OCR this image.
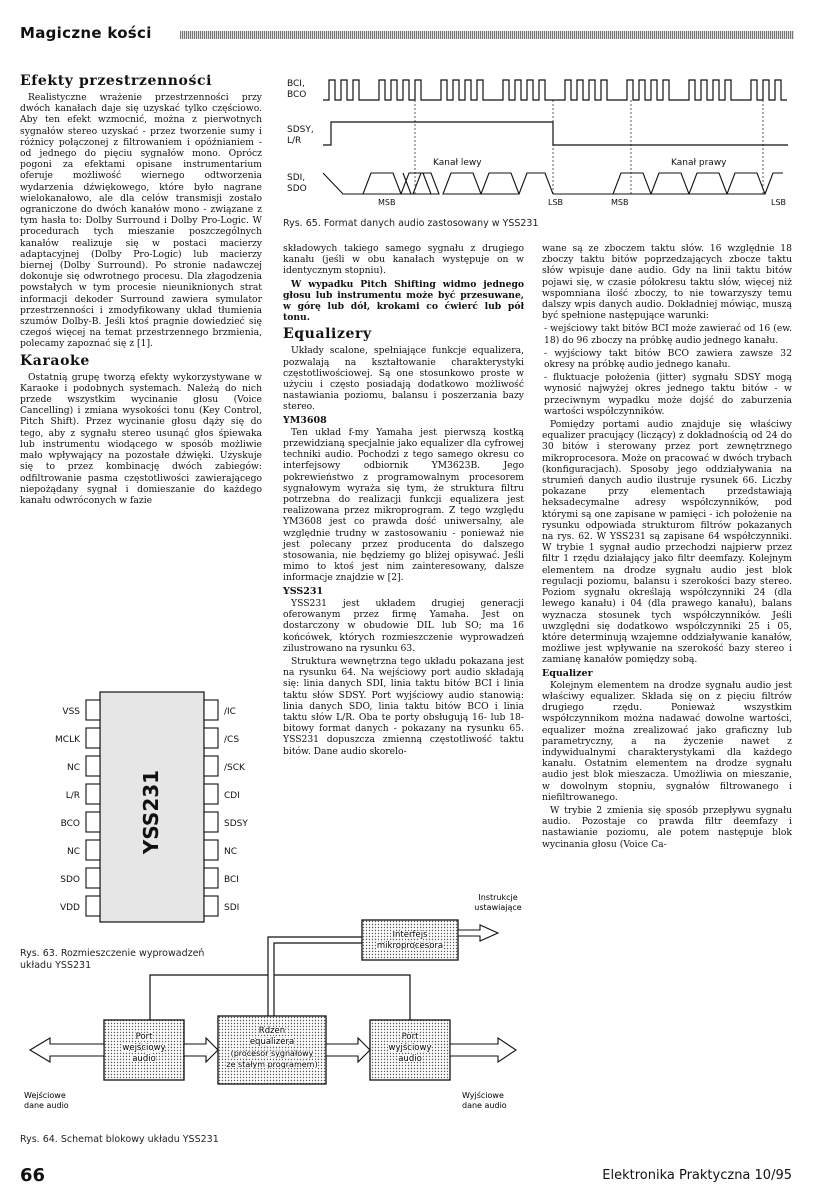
Magiczne kości
BCI,
BCO
SDSY,
L/R
SDI,
SDO
Kanał lewy	Kanał prawy
MSB	LSB	MSB	LSB
Rys. 65. Format danych audio zastosowany w YSS231
Efekty przestrzenności

Realistyczne wrażenie przestrzenności przy dwóch kanałach daje się uzyskać tylko częściowo. Aby ten efekt wzmocnić, można z pierwotnych sygnałów stereo uzyskać - przez tworzenie sumy i różnicy połączonej z filtrowaniem i opóźnianiem - od jednego do pięciu sygnałów mono. Oprócz pogoni za efektami opisane instrumentarium oferuje możliwość wiernego odtworzenia wydarzenia dźwiękowego, które było nagrane wielokanałowo, ale dla celów transmisji zostało ograniczone do dwóch kanałów mono - związane z tym hasła to: Dolby Surround i Dolby Pro-Logic. W procedurach tych mieszanie poszczególnych kanałów realizuje się w postaci macierzy adaptacyjnej (Dolby Pro-Logic) lub macierzy biernej (Dolby Surround). Po stronie nadawczej dokonuje się odwrotnego procesu. Dla złagodzenia powstałych w tym procesie nieuniknionych strat informacji dekoder Surround zawiera symulator przestrzenności i zmodyfikowany układ tłumienia szumów Dolby-B. Jeśli ktoś pragnie dowiedzieć się czegoś więcej na temat przestrzennego brzmienia, polecamy zapoznać się z [1].

Karaoke

Ostatnią grupę tworzą efekty wykorzystywane w Karaoke i podobnych systemach. Należą do nich przede wszystkim wycinanie głosu (Voice Cancelling) i zmiana wysokości tonu (Key Control, Pitch Shift). Przez wycinanie głosu dąży się do tego, aby z sygnału stereo usunąć głos śpiewaka lub instrumentu wiodącego w sposób możliwie mało wpływający na pozostałe dźwięki. Uzyskuje się to przez kombinację dwóch zabiegów: odfiltrowanie pasma częstotliwości zawierającego niepożądany sygnał i domieszanie do każdego kanału odwróconych w fazie

YSS231
VSS
MCLK
NC
L/R
BCO
NC
SDO
VDD
/IC
/CS
/SCK
CDI
SDSY
NC
BCI
SDI
Rys. 63. Rozmieszczenie wyprowadzeń
układu YSS231

składowych takiego samego sygnału z drugiego kanału (jeśli w obu kanałach występuje on w identycznym stopniu).

W wypadku Pitch Shifting widmo jednego głosu lub instrumentu może być przesuwane, w górę lub dół, krokami co ćwierć lub pół tonu.

Equalizery

Układy scalone, spełniające funkcje equalizera, pozwalają na kształtowanie charakterystyki częstotliwościowej. Są one stosunkowo proste w użyciu i często posiadają dodatkowo możliwość nastawiania poziomu, balansu i poszerzania bazy stereo.

YM3608

Ten układ f-my Yamaha jest pierwszą kostką przewidzianą specjalnie jako equalizer dla cyfrowej techniki audio. Pochodzi z tego samego okresu co interfejsowy odbiornik YM3623B. Jego pokrewieństwo z programowalnym procesorem sygnałowym wyraża się tym, że struktura filtru potrzebna do realizacji funkcji equalizera jest realizowana przez mikroprogram. Z tego względu YM3608 jest co prawda dość uniwersalny, ale względnie trudny w zastosowaniu - ponieważ nie jest polecany przez producenta do dalszego stosowania, nie będziemy go bliżej opisywać. Jeśli mimo to ktoś jest nim zainteresowany, dalsze informacje znajdzie w [2].

YSS231

YSS231 jest układem drugiej generacji oferowanym przez firmę Yamaha. Jest on dostarczony w obudowie DIL lub SO; ma 16 końcówek, których rozmieszczenie wyprowadzeń zilustrowano na rysunku 63.

Struktura wewnętrzna tego układu pokazana jest na rysunku 64. Na wejściowy port audio składają się: linia danych SDI, linia taktu bitów BCI i linia taktu słów SDSY. Port wyjściowy audio stanowią: linia danych SDO, linia taktu bitów BCO i linia taktu słów L/R. Oba te porty obsługują 16- lub 18-bitowy format danych - pokazany na rysunku 65. YSS231 dopuszcza zmienną częstotliwość taktu bitów. Dane audio skorelo-

wane są ze zboczem taktu słów. 16 względnie 18 zboczy taktu bitów poprzedzających zbocze taktu słów wpisuje dane audio. Gdy na linii taktu bitów pojawi się, w czasie półokresu taktu słów, więcej niż wspomniana ilość zboczy, to nie towarzyszy temu dalszy wpis danych audio. Dokładniej mówiąc, muszą być spełnione następujące warunki:

- wejściowy takt bitów BCI może zawierać od 16 (ew. 18) do 96 zboczy na próbkę audio jednego kanału.

- wyjściowy takt bitów BCO zawiera zawsze 32 okresy na próbkę audio jednego kanału.

- fluktuacje położenia (jitter) sygnału SDSY mogą wynosić najwyżej okres jednego taktu bitów - w przeciwnym wypadku może dojść do zaburzenia wartości współczynników.

Pomiędzy portami audio znajduje się właściwy equalizer pracujący (liczący) z dokładnością od 24 do 30 bitów i sterowany przez port zewnętrznego mikroprocesora. Może on pracować w dwóch trybach (konfiguracjach). Sposoby jego oddziaływania na strumień danych audio ilustruje rysunek 66. Liczby pokazane przy elementach przedstawiają heksadecymalne adresy współczynników, pod którymi są one zapisane w pamięci - ich położenie na rysunku odpowiada strukturom filtrów pokazanych na rys. 62. W YSS231 są zapisane 64 współczynniki. W trybie 1 sygnał audio przechodzi najpierw przez filtr 1 rzędu działający jako filtr deemfazy. Kolejnym elementem na drodze sygnału audio jest blok regulacji poziomu, balansu i szerokości bazy stereo. Poziom sygnału określają współczynniki 24 (dla lewego kanału) i 04 (dla prawego kanału), balans wyznacza stosunek tych współczynników. Jeśli uwzględni się dodatkowo współczynniki 25 i 05, które determinują wzajemne oddziaływanie kanałów, możliwe jest wpływanie na szerokość bazy stereo i zamianę kanałów pomiędzy sobą.

Equalizer

Kolejnym elementem na drodze sygnału audio jest właściwy equalizer. Składa się on z pięciu filtrów drugiego rzędu. Ponieważ wszystkim współczynnikom można nadawać dowolne wartości, equalizer można zrealizować jako graficzny lub parametryczny, a na życzenie nawet z indywidualnymi charakterystykami dla każdego kanału. Ostatnim elementem na drodze sygnału audio jest blok mieszacza. Umożliwia on mieszanie, w dowolnym stopniu, sygnałów filtrowanego i niefiltrowanego.

W trybie 2 zmienia się sposób przepływu sygnału audio. Pozostaje co prawda filtr deemfazy i nastawianie poziomu, ale potem następuje blok wycinania głosu (Voice Ca-

Instrukcje
ustawiające
Interfejs
mikroprocesora
Port
wejściowy
audio
Rdzeń
equalizera
(procesor sygnałowy
ze stałym programem)
Port
wyjściowy
audio
Wejściowe
dane audio
Wyjściowe
dane audio
Rys. 64. Schemat blokowy układu YSS231
66	Elektronika Praktyczna 10/95
